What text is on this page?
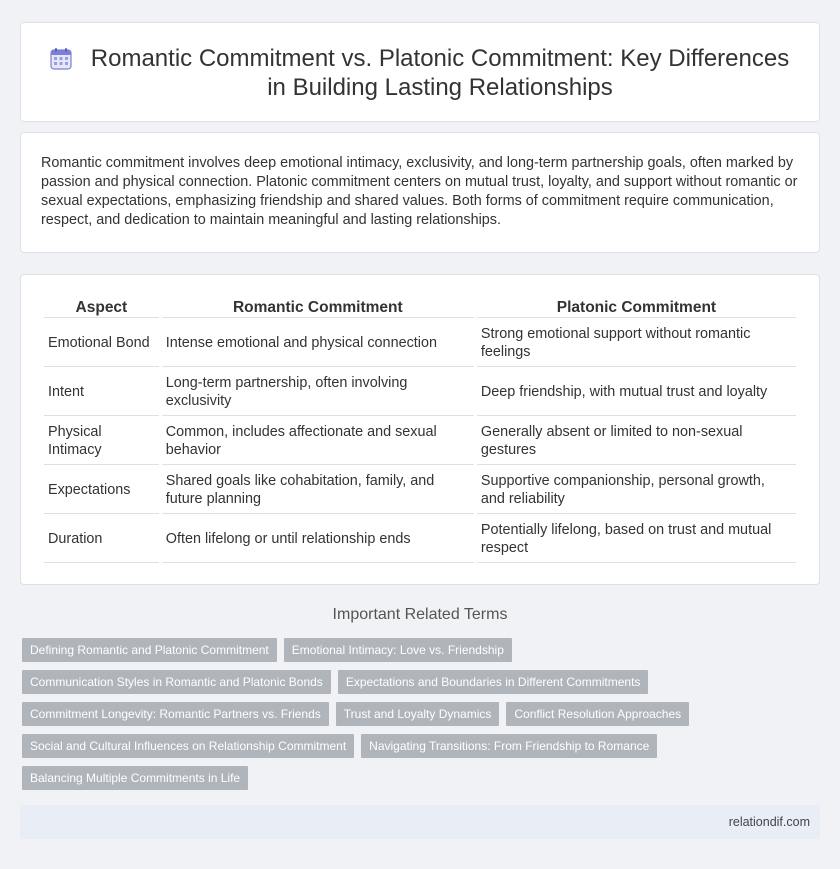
Romantic Commitment vs. Platonic Commitment: Key Differences in Building Lasting Relationships

Romantic commitment involves deep emotional intimacy, exclusivity, and long-term partnership goals, often marked by passion and physical connection. Platonic commitment centers on mutual trust, loyalty, and support without romantic or sexual expectations, emphasizing friendship and shared values. Both forms of commitment require communication, respect, and dedication to maintain meaningful and lasting relationships.

Aspect	Romantic Commitment	Platonic Commitment
Emotional Bond	Intense emotional and physical connection	Strong emotional support without romantic feelings
Intent	Long-term partnership, often involving exclusivity	Deep friendship, with mutual trust and loyalty
Physical Intimacy	Common, includes affectionate and sexual behavior	Generally absent or limited to non-sexual gestures
Expectations	Shared goals like cohabitation, family, and future planning	Supportive companionship, personal growth, and reliability
Duration	Often lifelong or until relationship ends	Potentially lifelong, based on trust and mutual respect
Important Related Terms
Defining Romantic and Platonic Commitment	Emotional Intimacy: Love vs. Friendship
Communication Styles in Romantic and Platonic Bonds	Expectations and Boundaries in Different Commitments
Commitment Longevity: Romantic Partners vs. Friends	Trust and Loyalty Dynamics	Conflict Resolution Approaches
Social and Cultural Influences on Relationship Commitment	Navigating Transitions: From Friendship to Romance
Balancing Multiple Commitments in Life
relationdif.com
